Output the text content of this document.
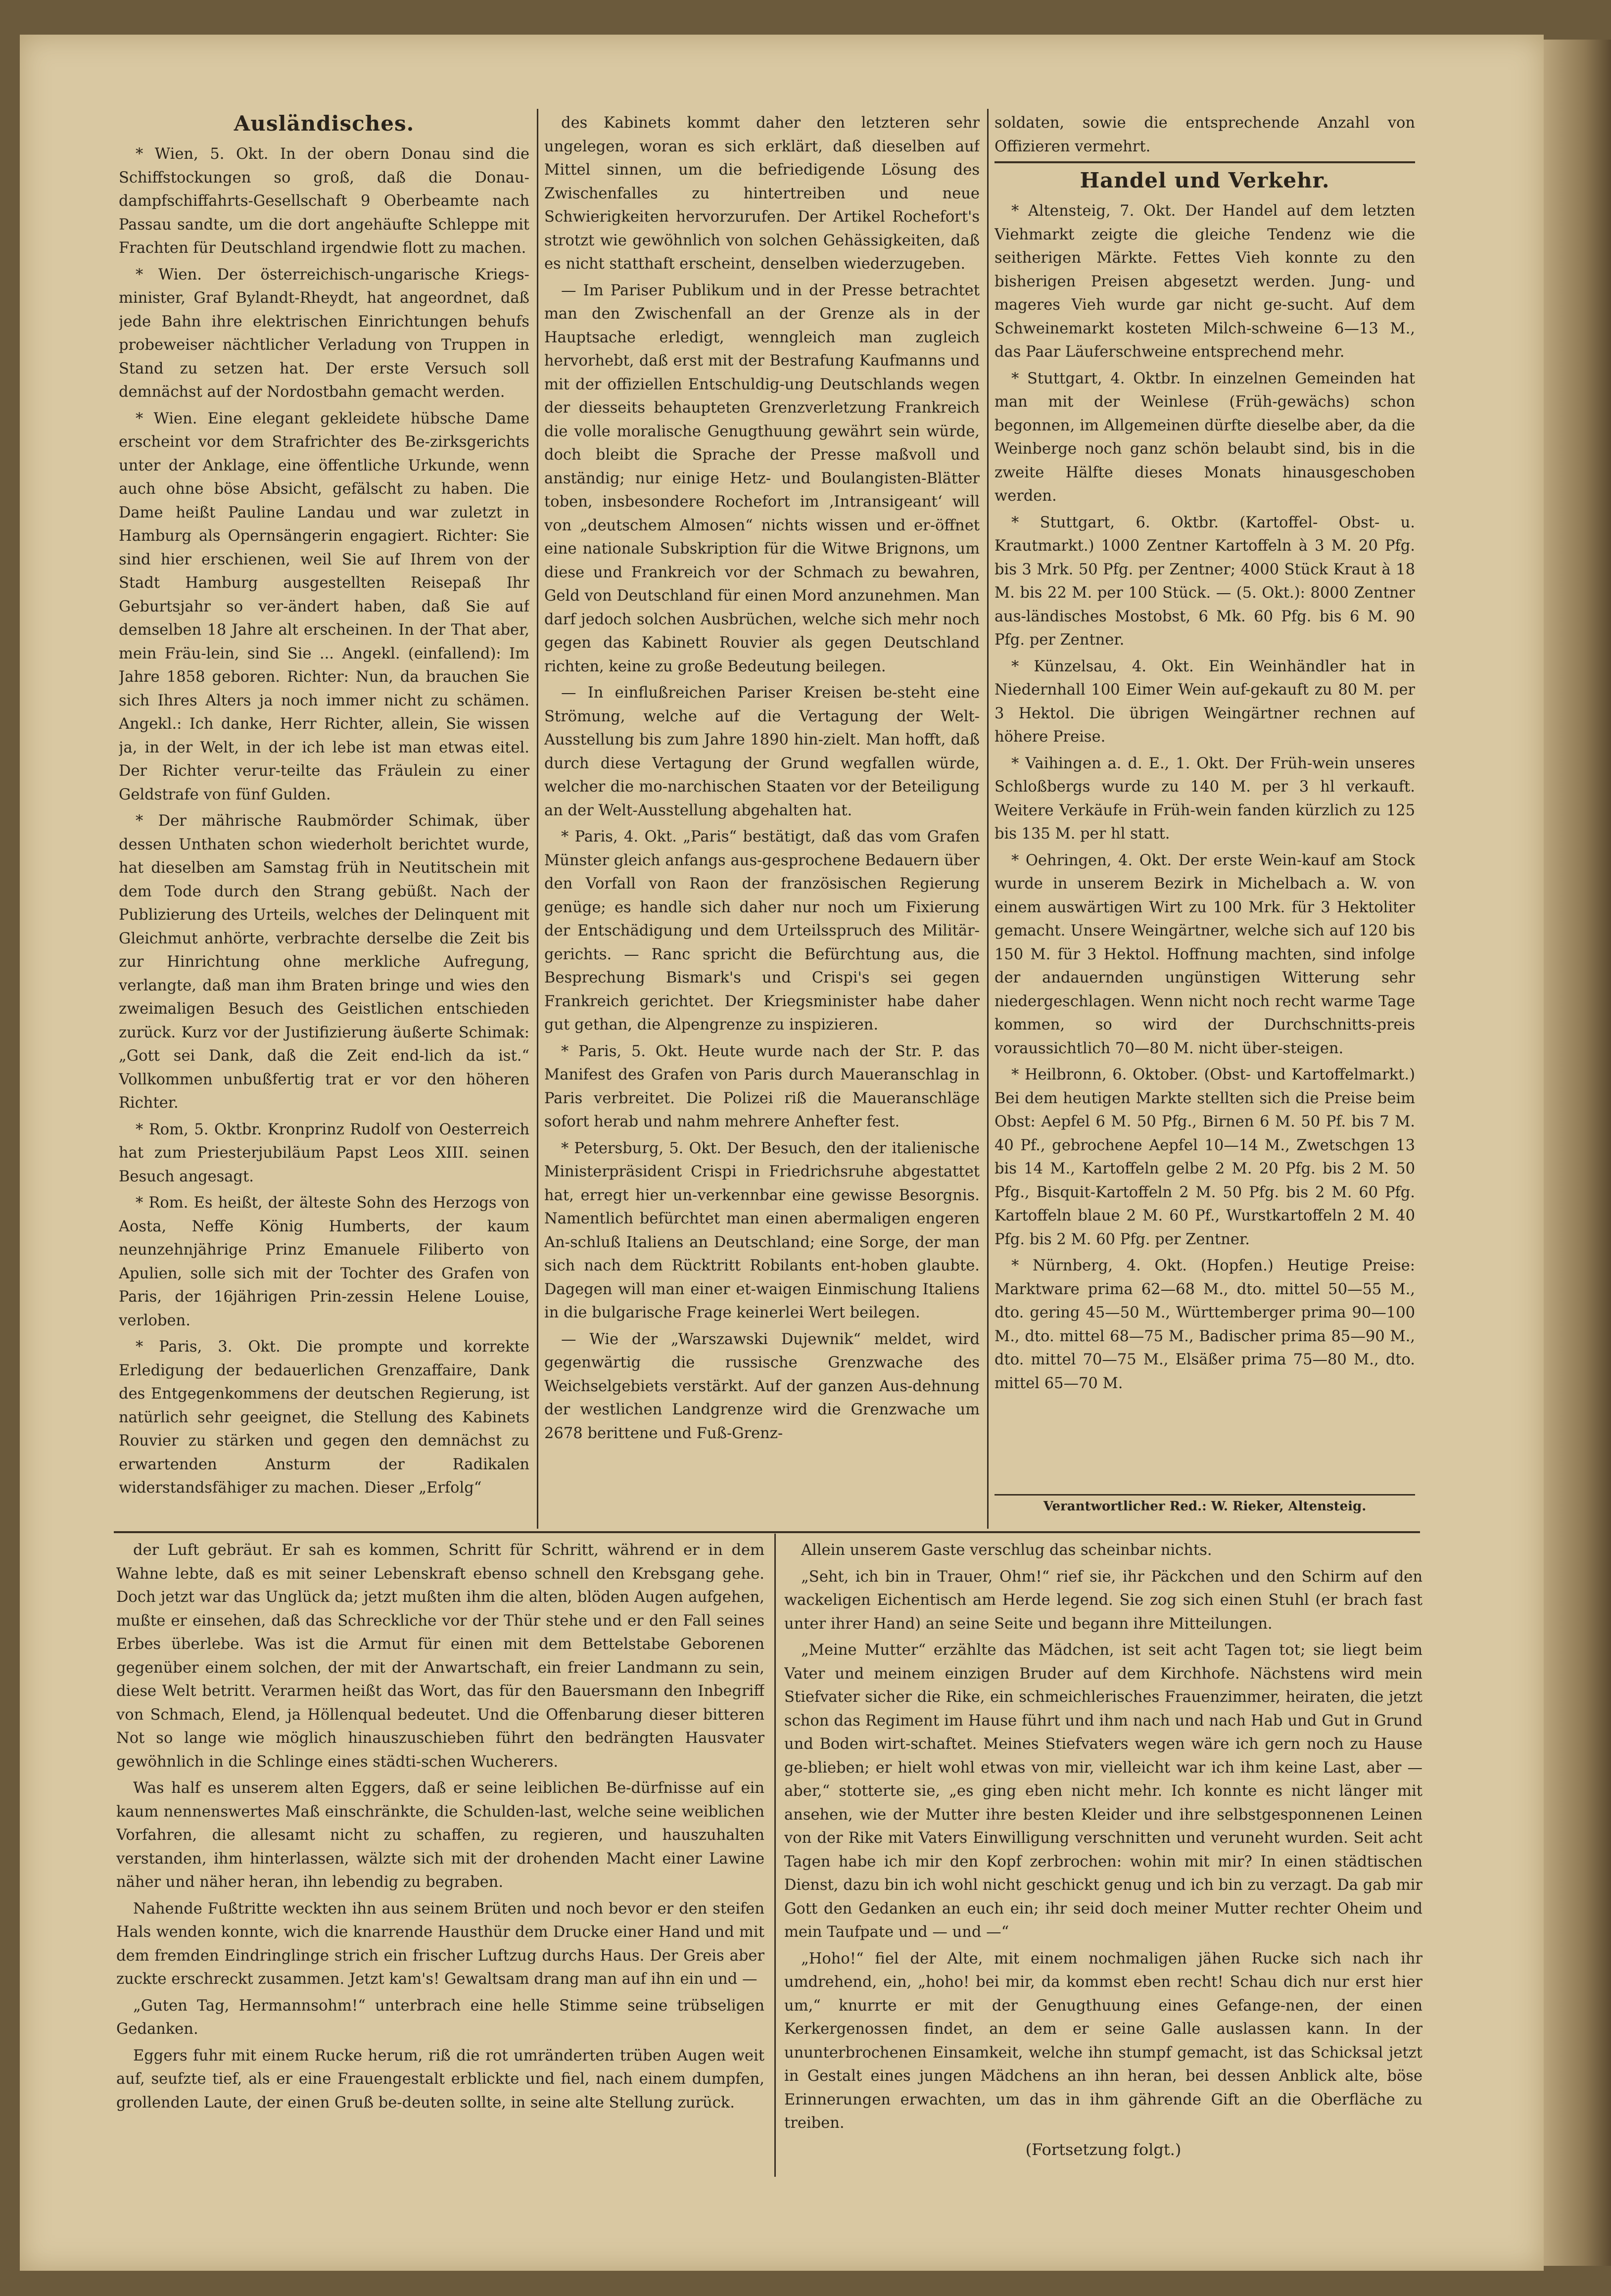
Ausländisches.

* Wien, 5. Okt. In der obern Donau sind die Schiffstockungen so groß, daß die Donau-dampfschiffahrts-Gesellschaft 9 Oberbeamte nach Passau sandte, um die dort angehäufte Schleppe mit Frachten für Deutschland irgendwie flott zu machen.

* Wien. Der österreichisch-ungarische Kriegs-minister, Graf Bylandt-Rheydt, hat angeordnet, daß jede Bahn ihre elektrischen Einrichtungen behufs probeweiser nächtlicher Verladung von Truppen in Stand zu setzen hat. Der erste Versuch soll demnächst auf der Nordostbahn gemacht werden.

* Wien. Eine elegant gekleidete hübsche Dame erscheint vor dem Strafrichter des Be-zirksgerichts unter der Anklage, eine öffentliche Urkunde, wenn auch ohne böse Absicht, gefälscht zu haben. Die Dame heißt Pauline Landau und war zuletzt in Hamburg als Opernsängerin engagiert. Richter: Sie sind hier erschienen, weil Sie auf Ihrem von der Stadt Hamburg ausgestellten Reisepaß Ihr Geburtsjahr so ver-ändert haben, daß Sie auf demselben 18 Jahre alt erscheinen. In der That aber, mein Fräu-lein, sind Sie ... Angekl. (einfallend): Im Jahre 1858 geboren. Richter: Nun, da brauchen Sie sich Ihres Alters ja noch immer nicht zu schämen. Angekl.: Ich danke, Herr Richter, allein, Sie wissen ja, in der Welt, in der ich lebe ist man etwas eitel. Der Richter verur-teilte das Fräulein zu einer Geldstrafe von fünf Gulden.

* Der mährische Raubmörder Schimak, über dessen Unthaten schon wiederholt berichtet wurde, hat dieselben am Samstag früh in Neutitschein mit dem Tode durch den Strang gebüßt. Nach der Publizierung des Urteils, welches der Delinquent mit Gleichmut anhörte, verbrachte derselbe die Zeit bis zur Hinrichtung ohne merkliche Aufregung, verlangte, daß man ihm Braten bringe und wies den zweimaligen Besuch des Geistlichen entschieden zurück. Kurz vor der Justifizierung äußerte Schimak: „Gott sei Dank, daß die Zeit end-lich da ist.“ Vollkommen unbußfertig trat er vor den höheren Richter.

* Rom, 5. Oktbr. Kronprinz Rudolf von Oesterreich hat zum Priesterjubiläum Papst Leos XIII. seinen Besuch angesagt.

* Rom. Es heißt, der älteste Sohn des Herzogs von Aosta, Neffe König Humberts, der kaum neunzehnjährige Prinz Emanuele Filiberto von Apulien, solle sich mit der Tochter des Grafen von Paris, der 16jährigen Prin-zessin Helene Louise, verloben.

* Paris, 3. Okt. Die prompte und korrekte Erledigung der bedauerlichen Grenzaffaire, Dank des Entgegenkommens der deutschen Regierung, ist natürlich sehr geeignet, die Stellung des Kabinets Rouvier zu stärken und gegen den demnächst zu erwartenden Ansturm der Radikalen widerstandsfähiger zu machen. Dieser „Erfolg“

des Kabinets kommt daher den letzteren sehr ungelegen, woran es sich erklärt, daß dieselben auf Mittel sinnen, um die befriedigende Lösung des Zwischenfalles zu hintertreiben und neue Schwierigkeiten hervorzurufen. Der Artikel Rochefort's strotzt wie gewöhnlich von solchen Gehässigkeiten, daß es nicht statthaft erscheint, denselben wiederzugeben.

— Im Pariser Publikum und in der Presse betrachtet man den Zwischenfall an der Grenze als in der Hauptsache erledigt, wenngleich man zugleich hervorhebt, daß erst mit der Bestrafung Kaufmanns und mit der offiziellen Entschuldig-ung Deutschlands wegen der diesseits behaupteten Grenzverletzung Frankreich die volle moralische Genugthuung gewährt sein würde, doch bleibt die Sprache der Presse maßvoll und anständig; nur einige Hetz- und Boulangisten-Blätter toben, insbesondere Rochefort im ‚Intransigeant‘ will von „deutschem Almosen“ nichts wissen und er-öffnet eine nationale Subskription für die Witwe Brignons, um diese und Frankreich vor der Schmach zu bewahren, Geld von Deutschland für einen Mord anzunehmen. Man darf jedoch solchen Ausbrüchen, welche sich mehr noch gegen das Kabinett Rouvier als gegen Deutschland richten, keine zu große Bedeutung beilegen.

— In einflußreichen Pariser Kreisen be-steht eine Strömung, welche auf die Vertagung der Welt-Ausstellung bis zum Jahre 1890 hin-zielt. Man hofft, daß durch diese Vertagung der Grund wegfallen würde, welcher die mo-narchischen Staaten vor der Beteiligung an der Welt-Ausstellung abgehalten hat.

* Paris, 4. Okt. „Paris“ bestätigt, daß das vom Grafen Münster gleich anfangs aus-gesprochene Bedauern über den Vorfall von Raon der französischen Regierung genüge; es handle sich daher nur noch um Fixierung der Entschädigung und dem Urteilsspruch des Militär-gerichts. — Ranc spricht die Befürchtung aus, die Besprechung Bismark's und Crispi's sei gegen Frankreich gerichtet. Der Kriegsminister habe daher gut gethan, die Alpengrenze zu inspizieren.

* Paris, 5. Okt. Heute wurde nach der Str. P. das Manifest des Grafen von Paris durch Maueranschlag in Paris verbreitet. Die Polizei riß die Maueranschläge sofort herab und nahm mehrere Anhefter fest.

* Petersburg, 5. Okt. Der Besuch, den der italienische Ministerpräsident Crispi in Friedrichsruhe abgestattet hat, erregt hier un-verkennbar eine gewisse Besorgnis. Namentlich befürchtet man einen abermaligen engeren An-schluß Italiens an Deutschland; eine Sorge, der man sich nach dem Rücktritt Robilants ent-hoben glaubte. Dagegen will man einer et-waigen Einmischung Italiens in die bulgarische Frage keinerlei Wert beilegen.

— Wie der „Warszawski Dujewnik“ meldet, wird gegenwärtig die russische Grenzwache des Weichselgebiets verstärkt. Auf der ganzen Aus-dehnung der westlichen Landgrenze wird die Grenzwache um 2678 berittene und Fuß-Grenz-

soldaten, sowie die entsprechende Anzahl von Offizieren vermehrt.

Handel und Verkehr.

* Altensteig, 7. Okt. Der Handel auf dem letzten Viehmarkt zeigte die gleiche Tendenz wie die seitherigen Märkte. Fettes Vieh konnte zu den bisherigen Preisen abgesetzt werden. Jung- und mageres Vieh wurde gar nicht ge-sucht. Auf dem Schweinemarkt kosteten Milch-schweine 6—13 M., das Paar Läuferschweine entsprechend mehr.

* Stuttgart, 4. Oktbr. In einzelnen Gemeinden hat man mit der Weinlese (Früh-gewächs) schon begonnen, im Allgemeinen dürfte dieselbe aber, da die Weinberge noch ganz schön belaubt sind, bis in die zweite Hälfte dieses Monats hinausgeschoben werden.

* Stuttgart, 6. Oktbr. (Kartoffel- Obst- u. Krautmarkt.) 1000 Zentner Kartoffeln à 3 M. 20 Pfg. bis 3 Mrk. 50 Pfg. per Zentner; 4000 Stück Kraut à 18 M. bis 22 M. per 100 Stück. — (5. Okt.): 8000 Zentner aus-ländisches Mostobst, 6 Mk. 60 Pfg. bis 6 M. 90 Pfg. per Zentner.

* Künzelsau, 4. Okt. Ein Weinhändler hat in Niedernhall 100 Eimer Wein auf-gekauft zu 80 M. per 3 Hektol. Die übrigen Weingärtner rechnen auf höhere Preise.

* Vaihingen a. d. E., 1. Okt. Der Früh-wein unseres Schloßbergs wurde zu 140 M. per 3 hl verkauft. Weitere Verkäufe in Früh-wein fanden kürzlich zu 125 bis 135 M. per hl statt.

* Oehringen, 4. Okt. Der erste Wein-kauf am Stock wurde in unserem Bezirk in Michelbach a. W. von einem auswärtigen Wirt zu 100 Mrk. für 3 Hektoliter gemacht. Unsere Weingärtner, welche sich auf 120 bis 150 M. für 3 Hektol. Hoffnung machten, sind infolge der andauernden ungünstigen Witterung sehr niedergeschlagen. Wenn nicht noch recht warme Tage kommen, so wird der Durchschnitts-preis voraussichtlich 70—80 M. nicht über-steigen.

* Heilbronn, 6. Oktober. (Obst- und Kartoffelmarkt.) Bei dem heutigen Markte stellten sich die Preise beim Obst: Aepfel 6 M. 50 Pfg., Birnen 6 M. 50 Pf. bis 7 M. 40 Pf., gebrochene Aepfel 10—14 M., Zwetschgen 13 bis 14 M., Kartoffeln gelbe 2 M. 20 Pfg. bis 2 M. 50 Pfg., Bisquit-Kartoffeln 2 M. 50 Pfg. bis 2 M. 60 Pfg. Kartoffeln blaue 2 M. 60 Pf., Wurstkartoffeln 2 M. 40 Pfg. bis 2 M. 60 Pfg. per Zentner.

* Nürnberg, 4. Okt. (Hopfen.) Heutige Preise: Marktware prima 62—68 M., dto. mittel 50—55 M., dto. gering 45—50 M., Württemberger prima 90—100 M., dto. mittel 68—75 M., Badischer prima 85—90 M., dto. mittel 70—75 M., Elsäßer prima 75—80 M., dto. mittel 65—70 M.

Verantwortlicher Red.: W. Rieker, Altensteig.

der Luft gebräut. Er sah es kommen, Schritt für Schritt, während er in dem Wahne lebte, daß es mit seiner Lebenskraft ebenso schnell den Krebsgang gehe. Doch jetzt war das Unglück da; jetzt mußten ihm die alten, blöden Augen aufgehen, mußte er einsehen, daß das Schreckliche vor der Thür stehe und er den Fall seines Erbes überlebe. Was ist die Armut für einen mit dem Bettelstabe Geborenen gegenüber einem solchen, der mit der Anwartschaft, ein freier Landmann zu sein, diese Welt betritt. Verarmen heißt das Wort, das für den Bauersmann den Inbegriff von Schmach, Elend, ja Höllenqual bedeutet. Und die Offenbarung dieser bitteren Not so lange wie möglich hinauszuschieben führt den bedrängten Hausvater gewöhnlich in die Schlinge eines städti-schen Wucherers.

Was half es unserem alten Eggers, daß er seine leiblichen Be-dürfnisse auf ein kaum nennenswertes Maß einschränkte, die Schulden-last, welche seine weiblichen Vorfahren, die allesamt nicht zu schaffen, zu regieren, und hauszuhalten verstanden, ihm hinterlassen, wälzte sich mit der drohenden Macht einer Lawine näher und näher heran, ihn lebendig zu begraben.

Nahende Fußtritte weckten ihn aus seinem Brüten und noch bevor er den steifen Hals wenden konnte, wich die knarrende Hausthür dem Drucke einer Hand und mit dem fremden Eindringlinge strich ein frischer Luftzug durchs Haus. Der Greis aber zuckte erschreckt zusammen. Jetzt kam's! Gewaltsam drang man auf ihn ein und —

„Guten Tag, Hermannsohm!“ unterbrach eine helle Stimme seine trübseligen Gedanken.

Eggers fuhr mit einem Rucke herum, riß die rot umränderten trüben Augen weit auf, seufzte tief, als er eine Frauengestalt erblickte und fiel, nach einem dumpfen, grollenden Laute, der einen Gruß be-deuten sollte, in seine alte Stellung zurück.

Allein unserem Gaste verschlug das scheinbar nichts.

„Seht, ich bin in Trauer, Ohm!“ rief sie, ihr Päckchen und den Schirm auf den wackeligen Eichentisch am Herde legend. Sie zog sich einen Stuhl (er brach fast unter ihrer Hand) an seine Seite und begann ihre Mitteilungen.

„Meine Mutter“ erzählte das Mädchen, ist seit acht Tagen tot; sie liegt beim Vater und meinem einzigen Bruder auf dem Kirchhofe. Nächstens wird mein Stiefvater sicher die Rike, ein schmeichlerisches Frauenzimmer, heiraten, die jetzt schon das Regiment im Hause führt und ihm nach und nach Hab und Gut in Grund und Boden wirt-schaftet. Meines Stiefvaters wegen wäre ich gern noch zu Hause ge-blieben; er hielt wohl etwas von mir, vielleicht war ich ihm keine Last, aber — aber,“ stotterte sie, „es ging eben nicht mehr. Ich konnte es nicht länger mit ansehen, wie der Mutter ihre besten Kleider und ihre selbstgesponnenen Leinen von der Rike mit Vaters Einwilligung verschnitten und veruneht wurden. Seit acht Tagen habe ich mir den Kopf zerbrochen: wohin mit mir? In einen städtischen Dienst, dazu bin ich wohl nicht geschickt genug und ich bin zu verzagt. Da gab mir Gott den Gedanken an euch ein; ihr seid doch meiner Mutter rechter Oheim und mein Taufpate und — und —“

„Hoho!“ fiel der Alte, mit einem nochmaligen jähen Rucke sich nach ihr umdrehend, ein, „hoho! bei mir, da kommst eben recht! Schau dich nur erst hier um,“ knurrte er mit der Genugthuung eines Gefange-nen, der einen Kerkergenossen findet, an dem er seine Galle auslassen kann. In der ununterbrochenen Einsamkeit, welche ihn stumpf gemacht, ist das Schicksal jetzt in Gestalt eines jungen Mädchens an ihn heran, bei dessen Anblick alte, böse Erinnerungen erwachten, um das in ihm gährende Gift an die Oberfläche zu treiben.

(Fortsetzung folgt.)
